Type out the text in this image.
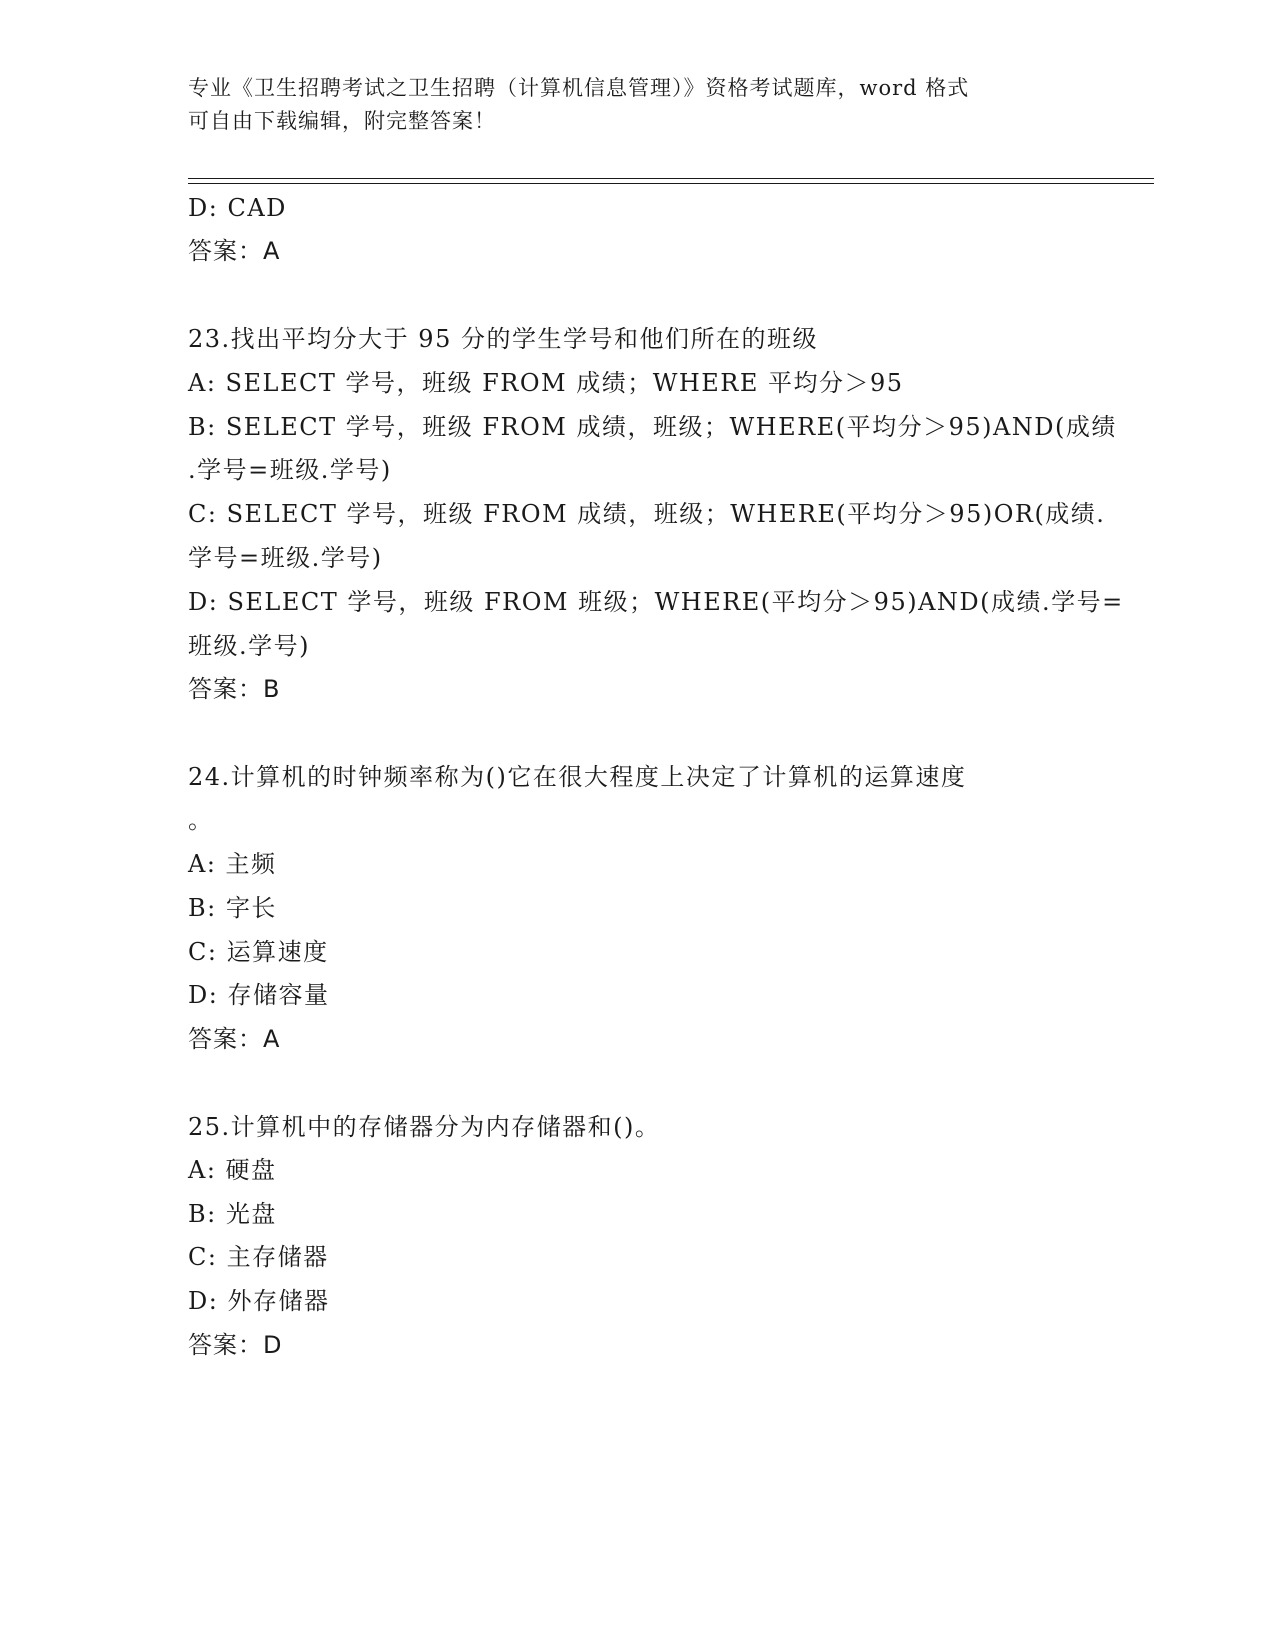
专业《卫生招聘考试之卫生招聘（计算机信息管理）》资格考试题库，word 格式
可自由下载编辑，附完整答案！
D: CAD
答案：A
23.找出平均分大于 95 分的学生学号和他们所在的班级
A: SELECT 学号，班级 FROM 成绩；WHERE 平均分＞95
B: SELECT 学号，班级 FROM 成绩，班级；WHERE(平均分＞95)AND(成绩
.学号=班级.学号)
C: SELECT 学号，班级 FROM 成绩，班级；WHERE(平均分＞95)OR(成绩.
学号=班级.学号)
D: SELECT 学号，班级 FROM 班级；WHERE(平均分＞95)AND(成绩.学号=
班级.学号)
答案：B
24.计算机的时钟频率称为()它在很大程度上决定了计算机的运算速度
。
A: 主频
B: 字长
C: 运算速度
D: 存储容量
答案：A
25.计算机中的存储器分为内存储器和()。
A: 硬盘
B: 光盘
C: 主存储器
D: 外存储器
答案：D
